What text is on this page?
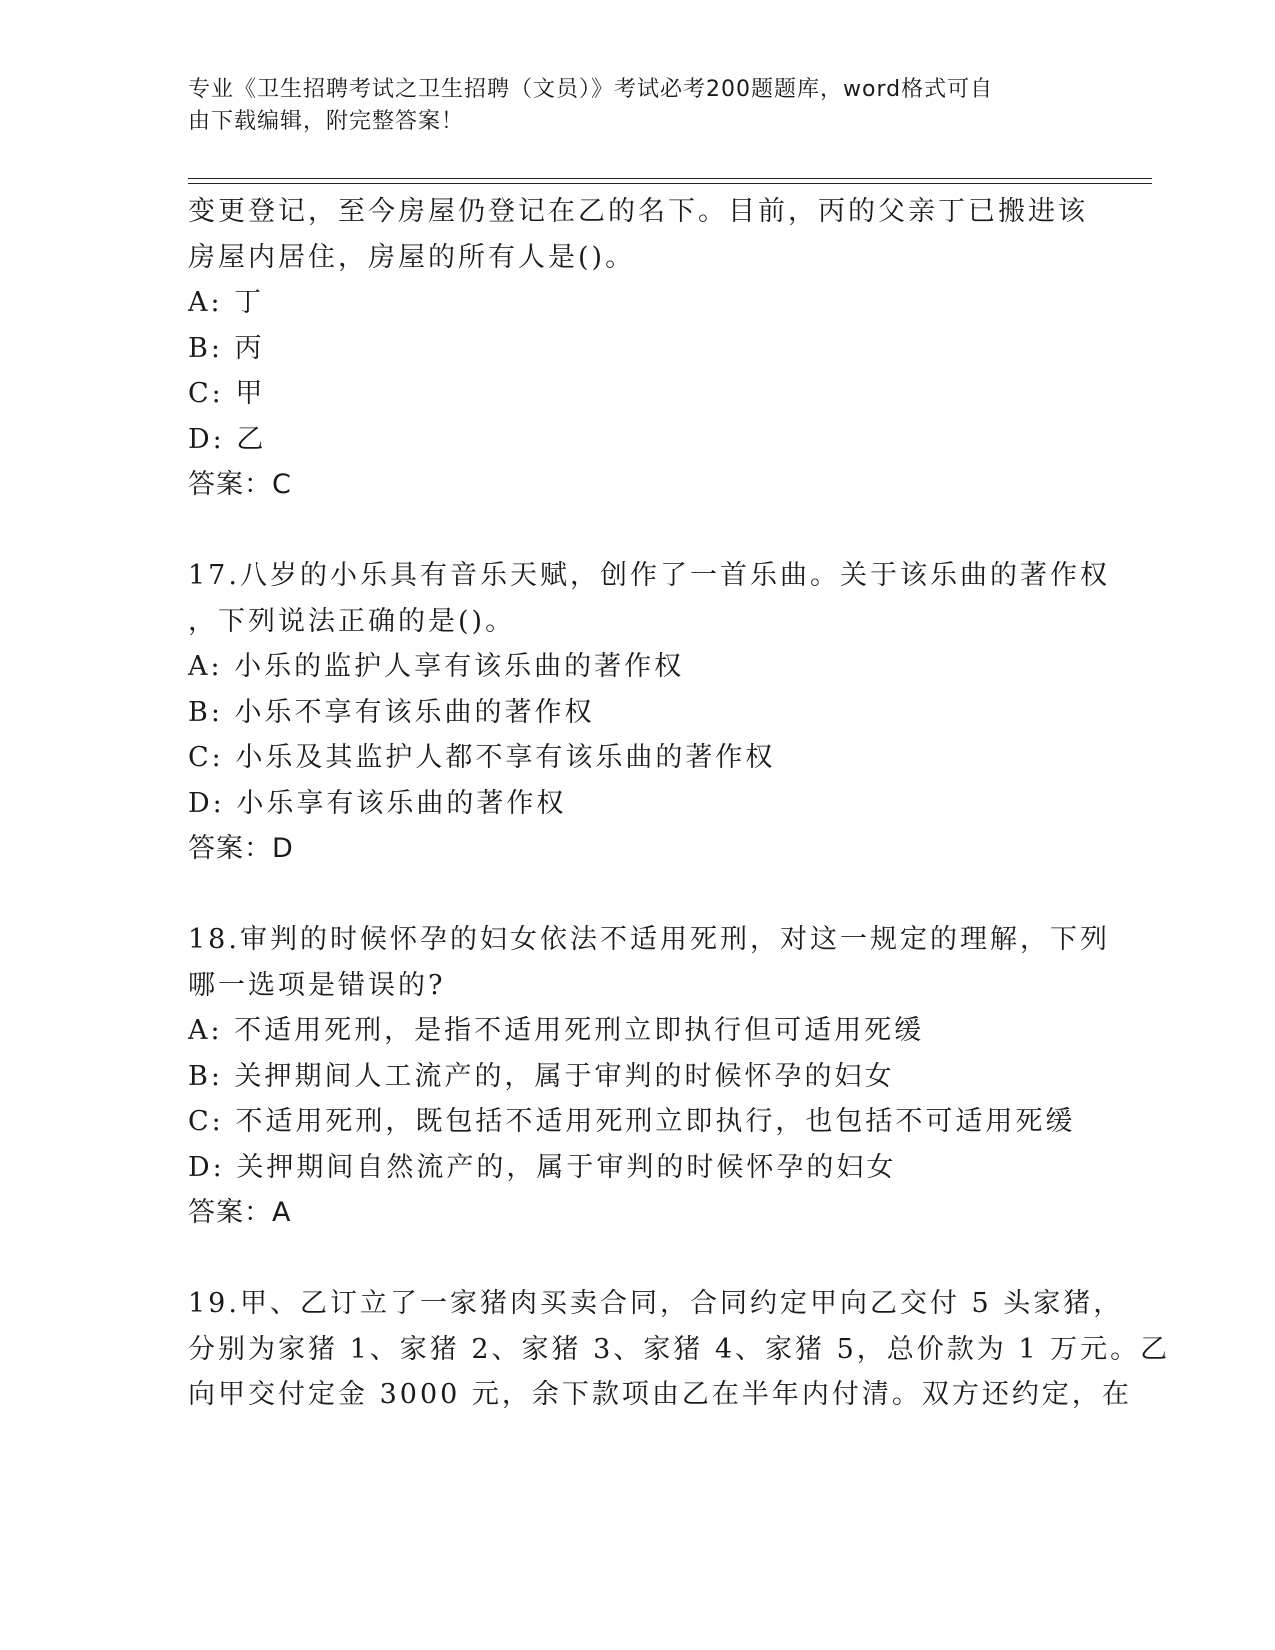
专业《卫生招聘考试之卫生招聘（文员）》考试必考200题题库，word格式可自
由下载编辑，附完整答案！
变更登记，至今房屋仍登记在乙的名下。目前，丙的父亲丁已搬进该
房屋内居住，房屋的所有人是()。
A: 丁
B: 丙
C: 甲
D: 乙
答案：C
17.八岁的小乐具有音乐天赋，创作了一首乐曲。关于该乐曲的著作权
，下列说法正确的是()。
A: 小乐的监护人享有该乐曲的著作权
B: 小乐不享有该乐曲的著作权
C: 小乐及其监护人都不享有该乐曲的著作权
D: 小乐享有该乐曲的著作权
答案：D
18.审判的时候怀孕的妇女依法不适用死刑，对这一规定的理解，下列
哪一选项是错误的?
A: 不适用死刑，是指不适用死刑立即执行但可适用死缓
B: 关押期间人工流产的，属于审判的时候怀孕的妇女
C: 不适用死刑，既包括不适用死刑立即执行，也包括不可适用死缓
D: 关押期间自然流产的，属于审判的时候怀孕的妇女
答案：A
19.甲、乙订立了一家猪肉买卖合同，合同约定甲向乙交付 5 头家猪，
分别为家猪 1、家猪 2、家猪 3、家猪 4、家猪 5，总价款为 1 万元。乙
向甲交付定金 3000 元，余下款项由乙在半年内付清。双方还约定，在
